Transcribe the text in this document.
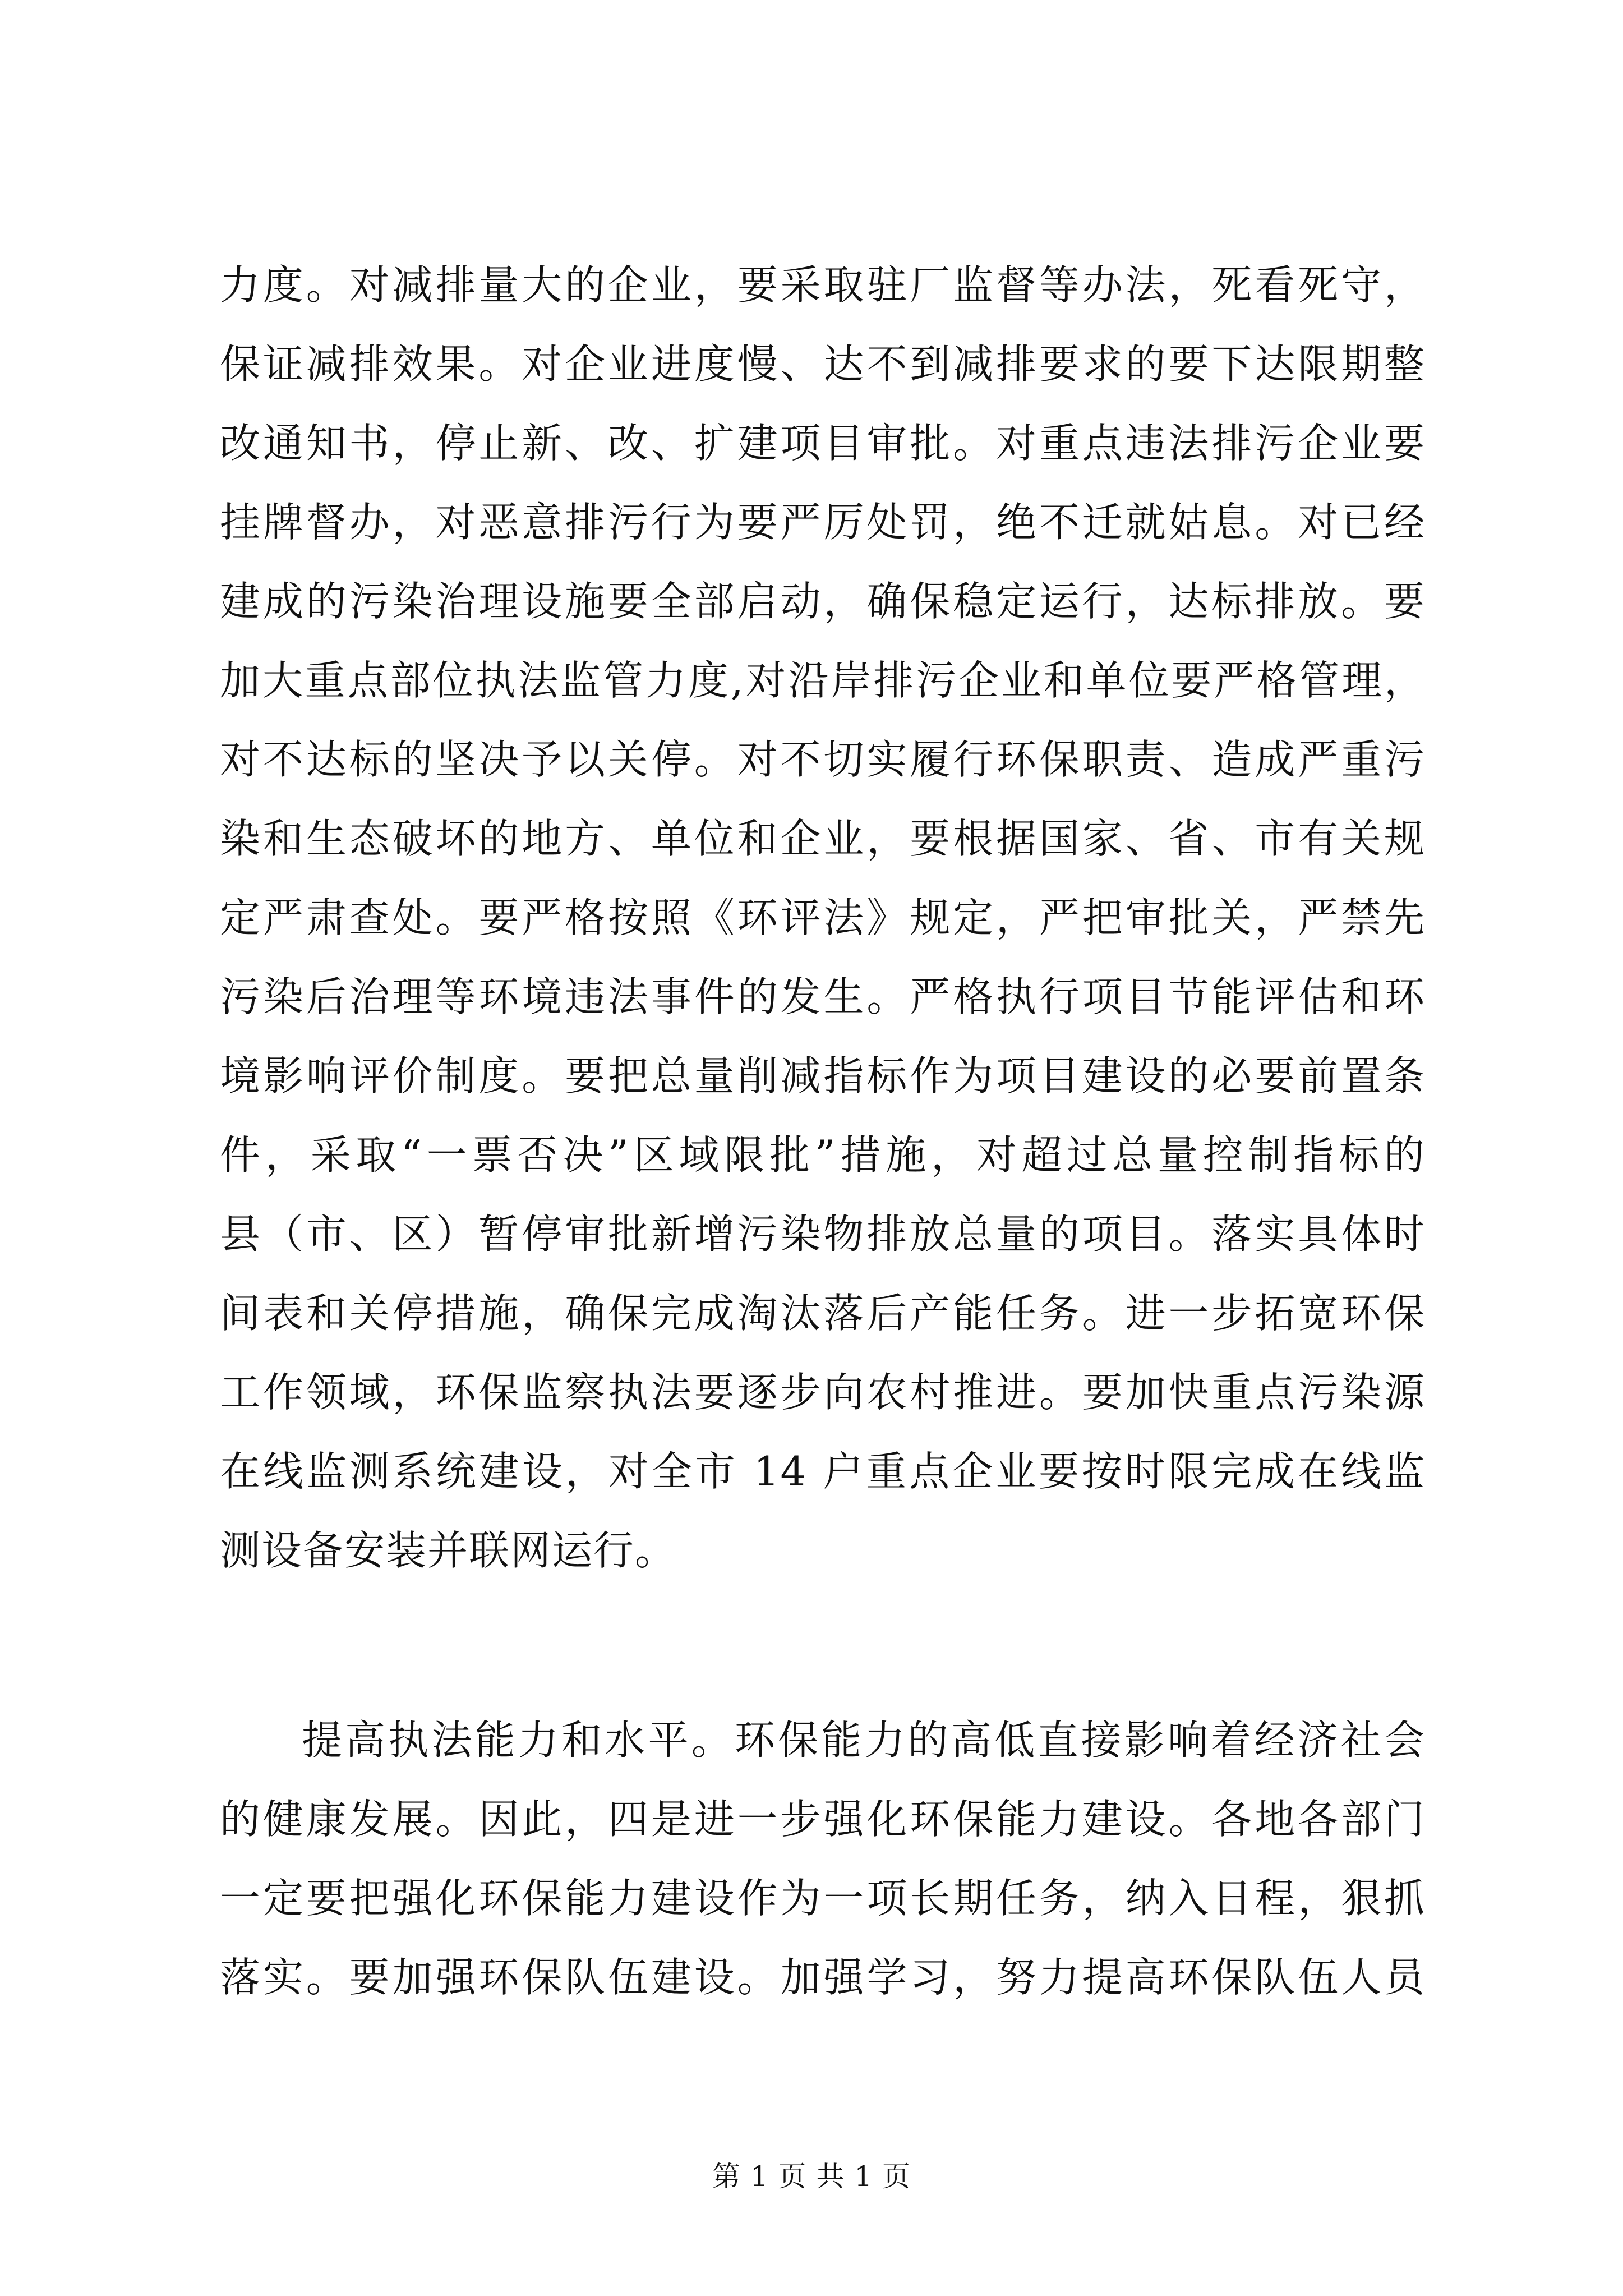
力度。对减排量大的企业，要采取驻厂监督等办法，死看死守，
保证减排效果。对企业进度慢、达不到减排要求的要下达限期整
改通知书，停止新、改、扩建项目审批。对重点违法排污企业要
挂牌督办，对恶意排污行为要严厉处罚，绝不迁就姑息。对已经
建成的污染治理设施要全部启动，确保稳定运行，达标排放。要
加大重点部位执法监管力度,对沿岸排污企业和单位要严格管理，
对不达标的坚决予以关停。对不切实履行环保职责、造成严重污
染和生态破坏的地方、单位和企业，要根据国家、省、市有关规
定严肃查处。要严格按照《环评法》规定，严把审批关，严禁先
污染后治理等环境违法事件的发生。严格执行项目节能评估和环
境影响评价制度。要把总量削减指标作为项目建设的必要前置条
件，采取“一票否决”区域限批”措施，对超过总量控制指标的
县（市、区）暂停审批新增污染物排放总量的项目。落实具体时
间表和关停措施，确保完成淘汰落后产能任务。进一步拓宽环保
工作领域，环保监察执法要逐步向农村推进。要加快重点污染源
在线监测系统建设，对全市 14 户重点企业要按时限完成在线监
测设备安装并联网运行。
提高执法能力和水平。环保能力的高低直接影响着经济社会
的健康发展。因此，四是进一步强化环保能力建设。各地各部门
一定要把强化环保能力建设作为一项长期任务，纳入日程，狠抓
落实。要加强环保队伍建设。加强学习，努力提高环保队伍人员
第 1 页 共 1 页
